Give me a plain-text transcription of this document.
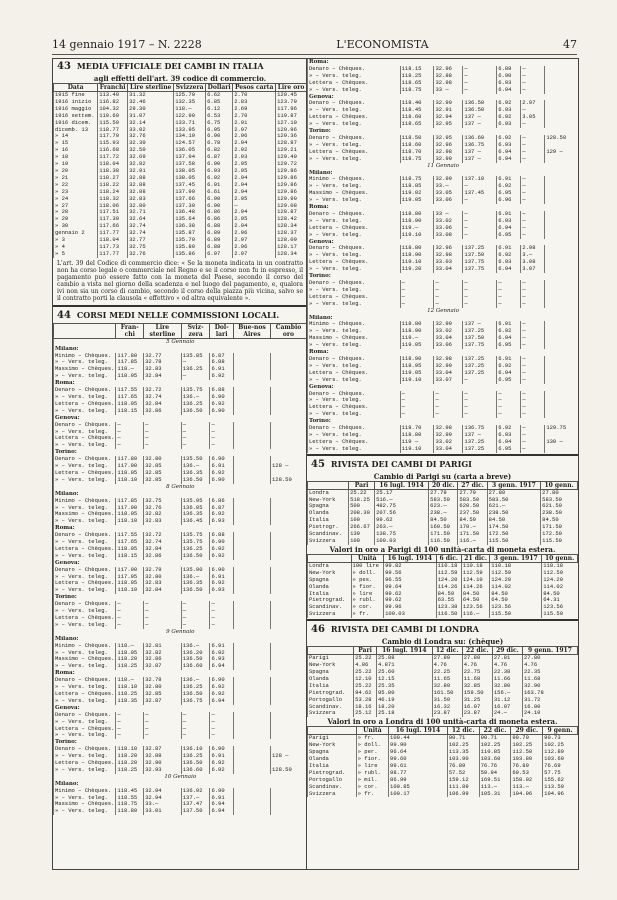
14 gennaio 1917 – N. 2228	L'ECONOMISTA	47
43 MEDIA UFFICIALE DEI CAMBI IN ITALIA
agli effetti dell'art. 39 codice di commercio.
Data	Franchi	Lire sterline	Svizzera	Dollari	Pesos carta	Lire oro
1915 fine	113.40	31.32	125.70	6.62	2.70	120.45
1916 inizio	116.82	32.46	132.35	6.85	2.83	123.79
1916 maggio	104.32	29.30	118.—	6.12	2.69	117.96
1916 settem.	110.60	31.07	122.90	6.53	2.70	119.87
1916 dicem.	115.59	32.14	133.71	6.75	2.91	127.10
dicemb. 13	118.77	33.02	133.95	6.95	2.97	129.96
» 14	117.70	32.76	134.19	6.90	2.96	129.36
» 15	115.93	32.30	124.57	6.78	2.94	128.87
» 16	116.68	32.50	136.05	6.82	2.92	129.21
» 18	117.72	32.69	137.94	6.87	2.93	129.40
» 19	118.04	32.82	137.58	6.90	2.95	129.72
» 20	118.38	32.91	138.05	6.93	2.95	129.86
» 21	118.27	32.88	138.05	6.92	2.94	129.86
» 22	118.22	32.88	137.45	6.91	2.94	129.86
» 23	118.24	32.88	137.90	6.61	2.94	129.86
» 24	118.32	32.83	137.66	6.90	2.95	129.90
» 27	118.06	32.80	137.39	6.90	—	129.08
» 28	117.51	32.71	136.48	6.86	2.94	128.87
» 29	117.30	32.64	135.64	6.86	2.95	128.42
» 30	117.66	32.74	136.38	6.88	2.94	128.34
gennaio 2	117.77	32.74	135.87	6.89	2.96	128.37
» 3	118.04	32.77	135.70	6.89	2.97	128.09
» 4	117.73	32.75	135.80	6.88	2.96	128.17
» 5	117.77	32.76	135.86	6.97	2.97	128.34
L'art. 39 del Codice di commercio dice: « Se la moneta indicata in un contratto non ha corso legale o commerciale nel Regno e se il corso non fu in espresso, il pagamento può essere fatto con la moneta del Paese, secondo il corso del cambio a vista nel giorno della scadenza e nel luogo del pagamento, e, qualora ivi non sia un corso di cambio, secondo il corso della piazza più vicina, salvo se il contratto porti la clausola « effettivo » od altra equivalente ».
44 CORSI MEDI NELLE COMMISSIONI LOCALI.
	Fran-chi	Lire sterline	Sviz-zera	Dol-lari	Bue-nos Aires	Cambio oro
5 Gennaio						
Milano:						
Minimo – Chèques.	117.80	32.77	135.85	6.87		
» – Vers. teleg.	117.85	32.78	—	6.88		
Massimo – Chèques.	118.—	32.83	136.25	6.91		
» – Vers. teleg.	118.05	32.84	—	6.92		
Roma:						
Denaro – Chèques.	117.55	32.72	135.75	6.88		
» – Vers. teleg.	117.65	32.74	136.—	6.90		
Lettera – Chèques.	118.05	32.84	136.25	6.92		
» – Vers. teleg.	118.15	32.86	136.50	6.90		
Genova:						
Denaro – Chèques.	—	—	—	—		
» – Vers. teleg.	—	—	—	—		
Lettera – Chèques.	—	—	—	—		
» – Vers. teleg.	—	—	—	—		
Torino:						
Denaro – Chèques.	117.80	32.80	135.50	6.90		
» – Vers. teleg.	117.90	32.85	136.—	6.91		128 —
Lettera – Chèques.	118.05	32.85	136.35	6.92		
» – Vers. teleg.	118.10	32.85	136.50	6.90		128.50
8 Gennaio						
Milano:						
Minimo – Chèques.	117.85	32.75	135.95	6.86		
» – Vers. teleg.	117.90	32.76	136.05	6.87		
Massimo – Chèques.	118.05	32.82	136.35	6.92		
» – Vers. teleg.	118.10	32.83	136.45	6.93		
Roma:						
Denaro – Chèques.	117.55	32.72	135.75	6.88		
» – Vers. teleg.	117.65	32.74	135.75	6.90		
Lettera – Chèques.	118.05	32.84	136.25	6.92		
» – Vers. teleg.	118.15	32.86	136.50	6.92		
Genova:						
Denaro – Chèques.	117.90	32.79	135.90	6.90		
» – Vers. teleg.	117.95	32.80	136.—	6.91		
Lettera – Chèques.	118.05	32.83	136.35	6.92		
» – Vers. teleg.	118.10	32.84	136.50	6.93		
Torino:						
Denaro – Chèques.	—	—	—	—		
» – Vers. teleg.	—	—	—	—		
Lettera – Chèques.	—	—	—	—		
» – Vers. teleg.	—	—	—	—		
9 Gennaio						
Milano:						
Minimo – Chèques.	118.—	32.81	136.—	6.91		
» – Vers. teleg.	118.05	32.82	136.20	6.92		
Massimo – Chèques.	118.20	32.86	136.50	6.93		
» – Vers. teleg.	118.25	32.87	136.60	6.94		
Roma:						
Denaro – Chèques.	118.—	32.78	136.—	6.90		
» – Vers. teleg.	118.10	32.80	136.25	6.92		
Lettera – Chèques.	118.25	32.85	136.50	6.92		
» – Vers. teleg.	118.35	32.87	136.75	6.94		
Genova:						
Denaro – Chèques.	—	—	—	—		
» – Vers. teleg.	—	—	—	—		
Lettera – Chèques.	—	—	—	—		
» – Vers. teleg.	—	—	—	—		
Torino:						
Denaro – Chèques.	118.10	32.87	136.10	6.90		
» – Vers. teleg.	118.20	32.88	136.25	6.91		128 —
Lettera – Chèques.	118.20	32.90	136.50	6.92		
» – Vers. teleg.	118.25	32.93	136.60	6.92		128.50
10 Gennaio						
Milano:						
Minimo – Chèques.	118.45	32.94	136.92	6.90		
» – Vers. teleg.	118.55	32.94	137.—	6.91		
Massimo – Chèques.	118.75	33.—	137.47	6.94		
» – Vers. teleg.	118.80	33.01	137.50	6.94		
Roma:						
Denaro – Chèques.	118.15	32.96	—	6.89	—	
» – Vers. teleg.	118.25	32.88	—	6.90	—	
Lettera – Chèques.	118.65	32.98	—	6.93	—	
» – Vers. teleg.	118.75	33 —	—	6.94	—	
Genova:						
Denaro – Chèques.	118.40	32.90	136.50	6.92	2.97	
» – Vers. teleg.	118.45	32.91	136.50	6.93	—	
Lettera – Chèques.	118.60	32.94	137 —	6.92	3.05	
» – Vers. teleg.	118.65	32.95	137 —	6.93	—	
Torino:						
Denaro – Chèques.	118.50	32.95	136.60	6.92	—	128.50
» – Vers. teleg.	118.60	32.96	136.75	6.93	—	
Lettera – Chèques.	118.70	32.98	137 —	6.94	—	129 —
» – Vers. teleg.	118.75	32.99	137 —	6.94	—	
11 Gennaio						
Milano:						
Minimo – Chèques.	118.75	32.99	137.10	6.91	—	
» – Vers. teleg.	118.85	33.—	—	6.92	—	
Massimo – Chèques.	119.02	33.05	137.45	6.95	—	
» – Vers. teleg.	119.05	33.06	—	6.96	—	
Roma:						
Denaro – Chèques.	118.80	33 —	—	6.91	—	
» – Vers. teleg.	118.90	33.02	—	6.93	—	
Lettera – Chèques.	119.—	33.06	—	6.94	—	
» – Vers. teleg.	119.10	33.08	—	6.95	—	
Genova:						
Denaro – Chèques.	118.80	32.96	137.25	6.91	2.98	
» – Vers. teleg.	118.90	32.98	137.50	6.92	3.—	
Lettera – Chèques.	119.10	33.03	137.75	6.93	3.08	
» – Vers. teleg.	119.20	33.04	137.75	6.94	3.07	
Torino:						
Denaro – Chèques.	—	—	—	—	—	
» – Vers. teleg.	—	—	—	—	—	
Lettera – Chèques.	—	—	—	—	—	
» – Vers. teleg.	—	—	—	—	—	
12 Gennaio						
Milano:						
Minimo – Chèques.	118.80	32.99	137 —	6.91	—	
» – Vers. teleg.	118.90	33.02	137.25	6.92	—	
Massimo – Chèques.	119.—	33.04	137.50	6.94	—	
» – Vers. teleg.	119.05	33.06	137.75	6.95	—	
Roma:						
Denaro – Chèques.	118.90	32.98	137.25	6.91	—	
» – Vers. teleg.	118.95	32.99	137.25	6.92	—	
Lettera – Chèques.	119.05	33.04	137.25	6.94	—	
» – Vers. teleg.	119.10	33.07	—	6.95	—	
Genova:						
Denaro – Chèques.	—	—	—	—	—	
» – Vers. teleg.	—	—	—	—	—	
Lettera – Chèques.	—	—	—	—	—	
» – Vers. teleg.	—	—	—	—	—	
Torino:						
Denaro – Chèques.	118.70	32.98	136.75	6.92	—	129.75
» – Vers. teleg.	118.80	32.99	137 —	6.93	—	
Lettera – Chèques.	119 —	33.02	137.25	6.94	—	130 —
» – Vers. teleg.	119.10	33.04	137.25	6.95	—	
45 RIVISTA DEI CAMBI DI PARIGI
Cambio di Parigi su (carta a breve)
	Pari	16 lugl. 1914	20 dic.	27 dic.	3 genn. 1917	10 genn.
Londra	25.22	25.17	27.79	27.79	27.80	27.80
New-York	518.25	516.—	583.50	583.50	583.50	583.50
Spagna	500	482.75	623.—	620.50	621.—	621.50
Olanda	208.30	207.56	238.—	237.50	238.50	238.50
Italia	100	99.62	84.50	84.50	84.50	84.50
Pietrogr.	266.67	263.—	169.50	170.—	174.50	171.50
Scandinav.	139	138.75	171.50	171.50	172.50	172.50
Svizzera	100	100.03	116.50	116.—	115.50	115.50
Valori in oro a Parigi di 100 unità-carta di moneta estera.
	Unità	16 lugl. 1914	6 dic.	21 dic.	3 genn. 1917	10 genn.
Londra	100 lire	99.82	110.18	110.18	110.18	110.18
New-York	» doll.	99.56	112.59	112.59	112.59	112.59
Spagna	» pes.	96.55	124.20	124.10	124.20	124.20
Olanda	» fior.	99.64	114.26	114.26	114.02	114.02
Italia	» lire	99.62	84.50	84.50	84.50	84.50
Pietrograd.	» rubl.	99.62	63.55	64.50	64.50	64.31
Scandinav.	» cor.	99.96	123.38	123.56	123.56	123.56
Svizzera	» fr.	100.03	116.50	116.—	115.50	115.50
46 RIVISTA DEI CAMBI DI LONDRA
Cambio di Londra su: (chèque)
	Pari	16 lugl. 1914	12 dic.	22 dic.	29 dic.	9 genn. 1917
Parigi	25.22	25.08	27.80	27.80	27.81	27.80
New-York	4.86	4.871	4.76	4.76	4.76	4.76
Spagna	25.22	25.60	22.25	22.75	22.38	22.35
Olanda	12.10	12.15	11.65	11.68	11.66	11.68
Italia	25.22	25.35	32.80	32.85	32.80	32.90
Pietrograd.	94.62	95.80	161.50	159.50	156.—	163.78
Portogallo	53.28	46.19	31.50	31.25	31.12	31.72
Scandinav.	18.16	18.20	16.32	16.07	16.07	16.00
Svizzera	25.12	25.18	23.87	23.87	24.—	24.10
Valori in oro a Londra di 100 unità-carta di moneta estera.
	Unità	16 lugl. 1914	12 dic.	22 dic.	29 dic.	9 genn.
Parigi	» fr.	100.44	90.71	90.71	90.70	90.73
New-York	» doll.	99.90	102.25	102.25	102.25	102.25
Spagna	» per.	96.64	113.35	110.85	112.50	112.80
Olanda	» fior.	99.60	103.90	103.60	103.80	103.60
Italia	» lire	99.61	76.89	76.76	76.89	76.69
Pietrograd.	» rubl.	98.77	57.52	59.94	60.53	57.75
Portogallo	» mil.	86.99	159.12	169.51	158.02	155.62
Scandinav.	» cor.	100.85	111.89	113.—	113.—	113.50
Svizzera	» fr.	100.17	106.99	105.31	104.96	104.96
